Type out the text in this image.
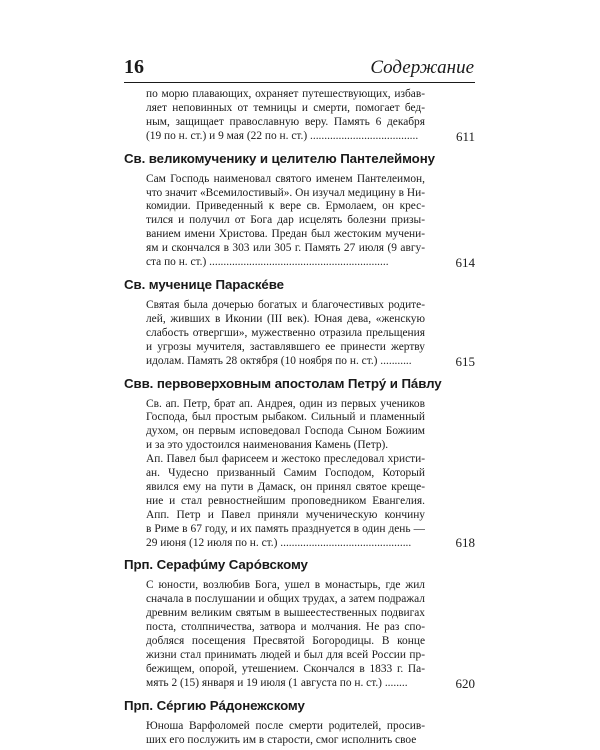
16	Содержание
по морю плавающих, охраняет путешествующих, избав-
ляет неповинных от темницы и смерти, помогает бед-
ным, защищает православную веру. Память 6 декабря
(19 по н. ст.) и 9 мая (22 по н. ст.) ......................................	611
Св. великомученику и целителю Пантелеймону
Сам Господь наименовал святого именем Пантелеимон,
что значит «Всемилостивый». Он изучал медицину в Ни-
комидии. Приведенный к вере св. Ермолаем, он крес-
тился и получил от Бога дар исцелять болезни призы-
ванием имени Христова. Предан был жестоким мучени-
ям и скончался в 303 или 305 г. Память 27 июля (9 авгу-
ста по н. ст.) ...............................................................	614
Св. мученице Параскéве
Святая была дочерью богатых и благочестивых родите-
лей, живших в Иконии (III век). Юная дева, «женскую
слабость отвергши», мужественно отразила прельщения
и угрозы мучителя, заставлявшего ее принести жертву
идолам. Память 28 октября (10 ноября по н. ст.) ...........	615
Свв. первоверховным апостолам Петрý и Пáвлу
Св. ап. Петр, брат ап. Андрея, один из первых учеников
Господа, был простым рыбаком. Сильный и пламенный
духом, он первым исповедовал Господа Сыном Божиим
и за это удостоился наименования Камень (Петр).
Ап. Павел был фарисеем и жестоко преследовал христи-
ан. Чудесно призванный Самим Господом, Который
явился ему на пути в Дамаск, он принял святое креще-
ние и стал ревностнейшим проповедником Евангелия.
Апп. Петр и Павел приняли мученическую кончину
в Риме в 67 году, и их память празднуется в один день —
29 июня (12 июля по н. ст.) ..............................................	618
Прп. Серафúму Сарóвскому
С юности, возлюбив Бога, ушел в монастырь, где жил
сначала в послушании и общих трудах, а затем подражал
древним великим святым в вышеестественных подвигах
поста, столпничества, затвора и молчания. Не раз спо-
добляся посещения Пресвятой Богородицы. В конце
жизни стал принимать людей и был для всей России пр-
бежищем, опорой, утешением. Скончался в 1833 г. Па-
мять 2 (15) января и 19 июля (1 августа по н. ст.) ........	620
Прп. Сéргию Рáдонежскому
Юноша Варфоломей после смерти родителей, просив-
ших его послужить им в старости, смог исполнить свое
